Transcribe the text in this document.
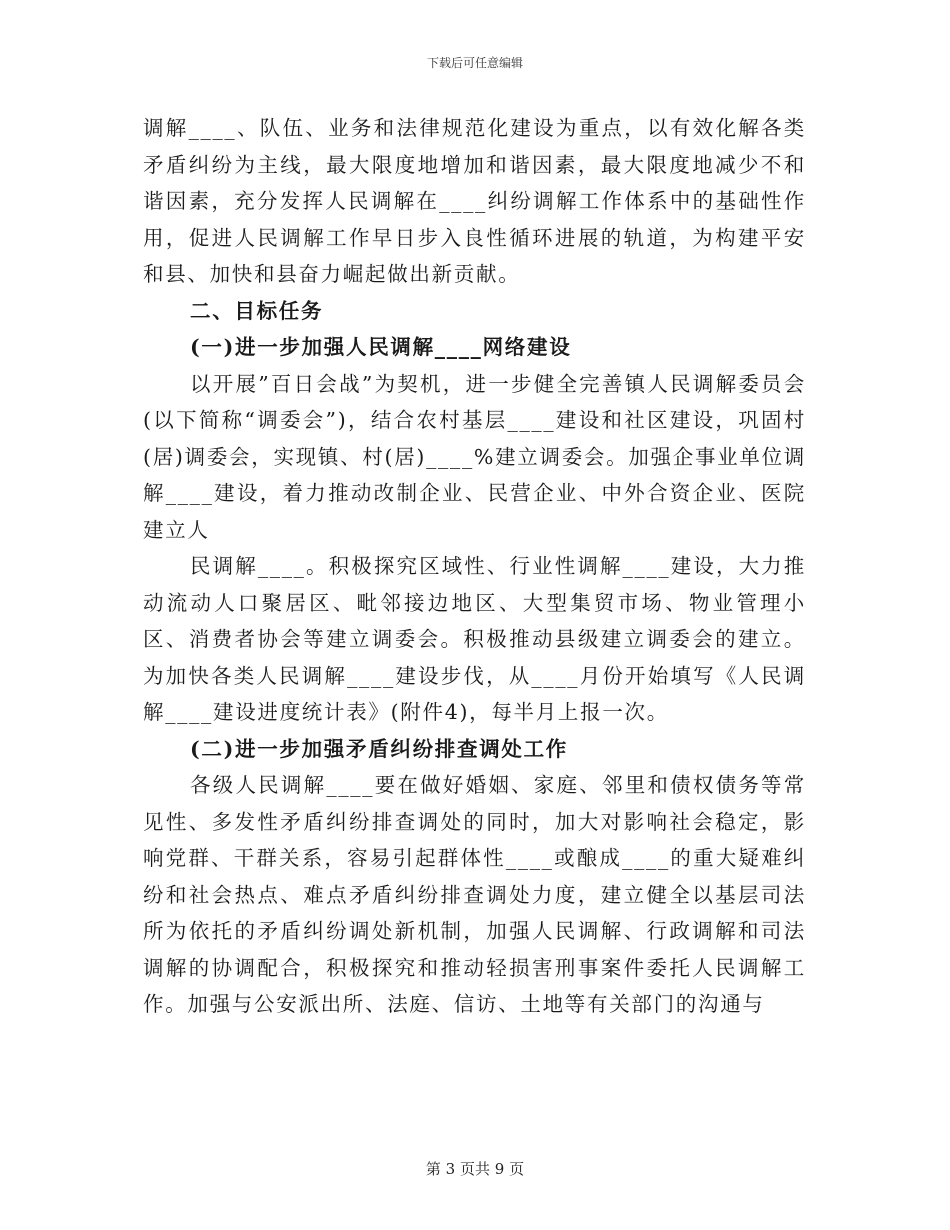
下载后可任意编辑

调解____、队伍、业务和法律规范化建设为重点，以有效化解各类矛盾纠纷为主线，最大限度地增加和谐因素，最大限度地减少不和谐因素，充分发挥人民调解在____纠纷调解工作体系中的基础性作用，促进人民调解工作早日步入良性循环进展的轨道，为构建平安和县、加快和县奋力崛起做出新贡献。

二、目标任务

(一)进一步加强人民调解____网络建设

以开展”百日会战”为契机，进一步健全完善镇人民调解委员会(以下简称“调委会”)，结合农村基层____建设和社区建设，巩固村(居)调委会，实现镇、村(居)____%建立调委会。加强企事业单位调解____建设，着力推动改制企业、民营企业、中外合资企业、医院建立人

民调解____。积极探究区域性、行业性调解____建设，大力推动流动人口聚居区、毗邻接边地区、大型集贸市场、物业管理小区、消费者协会等建立调委会。积极推动县级建立调委会的建立。为加快各类人民调解____建设步伐，从____月份开始填写《人民调解____建设进度统计表》(附件4)，每半月上报一次。

(二)进一步加强矛盾纠纷排查调处工作

各级人民调解____要在做好婚姻、家庭、邻里和债权债务等常见性、多发性矛盾纠纷排查调处的同时，加大对影响社会稳定，影响党群、干群关系，容易引起群体性____或酿成____的重大疑难纠纷和社会热点、难点矛盾纠纷排查调处力度，建立健全以基层司法所为依托的矛盾纠纷调处新机制，加强人民调解、行政调解和司法调解的协调配合，积极探究和推动轻损害刑事案件委托人民调解工作。加强与公安派出所、法庭、信访、土地等有关部门的沟通与

第 3 页共 9 页
